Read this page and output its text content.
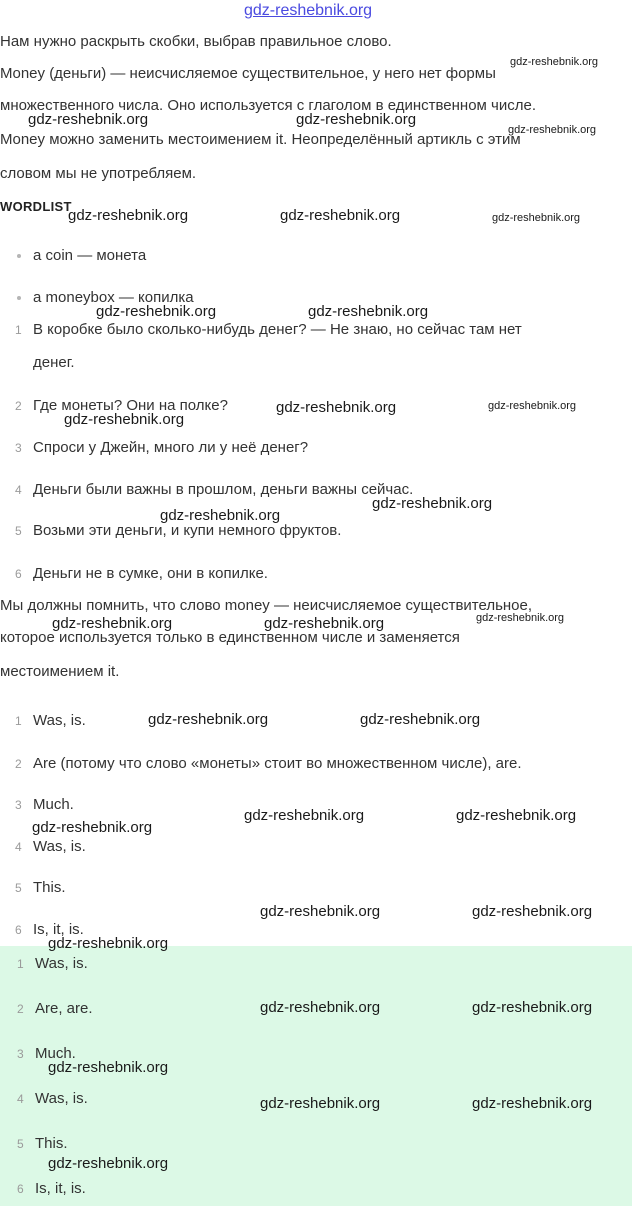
gdz-reshebnik.org
Нам нужно раскрыть скобки, выбрав правильное слово.
Money (деньги) — неисчисляемое существительное, у него нет формы
множественного числа. Оно используется с глаголом в единственном числе.
Money можно заменить местоимением it. Неопределённый артикль с этим
словом мы не употребляем.
WORDLIST
a coin — монета
a moneybox — копилка
1 В коробке было сколько-нибудь денег? — Не знаю, но сейчас там нет
денег.
2 Где монеты? Они на полке?
3 Спроси у Джейн, много ли у неё денег?
4 Деньги были важны в прошлом, деньги важны сейчас.
5 Возьми эти деньги, и купи немного фруктов.
6 Деньги не в сумке, они в копилке.
Мы должны помнить, что слово money — неисчисляемое существительное,
которое используется только в единственном числе и заменяется
местоимением it.
1 Was, is.
2 Are (потому что слово «монеты» стоит во множественном числе), are.
3 Much.
4 Was, is.
5 This.
6 Is, it, is.
1 Was, is.
2 Are, are.
3 Much.
4 Was, is.
5 This.
6 Is, it, is.
gdz-reshebnik.org
gdz-reshebnik.org	gdz-reshebnik.org
gdz-reshebnik.org
gdz-reshebnik.org	gdz-reshebnik.org	gdz-reshebnik.org
gdz-reshebnik.org	gdz-reshebnik.org
gdz-reshebnik.org	gdz-reshebnik.org
gdz-reshebnik.org
gdz-reshebnik.org
gdz-reshebnik.org
gdz-reshebnik.org
gdz-reshebnik.org	gdz-reshebnik.org
gdz-reshebnik.org	gdz-reshebnik.org
gdz-reshebnik.org	gdz-reshebnik.org
gdz-reshebnik.org
gdz-reshebnik.org	gdz-reshebnik.org
gdz-reshebnik.org
gdz-reshebnik.org	gdz-reshebnik.org
gdz-reshebnik.org
gdz-reshebnik.org	gdz-reshebnik.org
gdz-reshebnik.org
